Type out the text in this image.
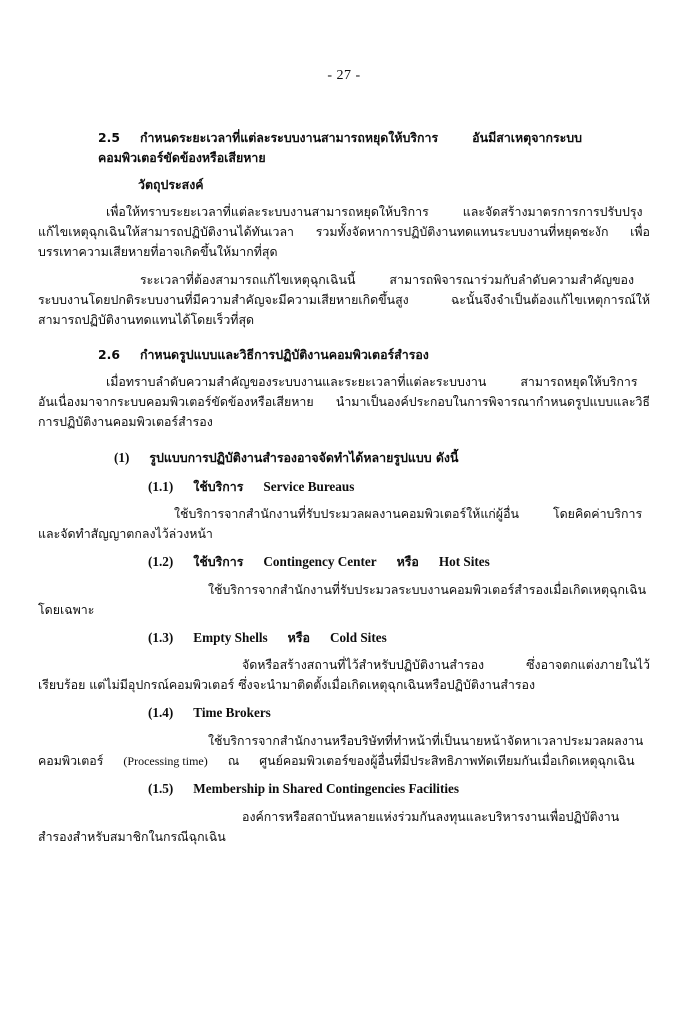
- 27 -

2.5 กำหนดระยะเวลาที่แต่ละระบบงานสามารถหยุดให้บริการ	อันมีสาเหตุจากระบบ

คอมพิวเตอร์ขัดข้องหรือเสียหาย

วัตถุประสงค์

เพื่อให้ทราบระยะเวลาที่แต่ละระบบงานสามารถหยุดให้บริการ	และจัดสร้างมาตรการการปรับปรุงแก้ไขเหตุฉุกเฉินให้สามารถปฏิบัติงานได้ทันเวลา รวมทั้งจัดหาการปฏิบัติงานทดแทนระบบงานที่หยุดชะงัก เพื่อบรรเทาความเสียหายที่อาจเกิดขึ้นให้มากที่สุด

ระะเวลาที่ต้องสามารถแก้ไขเหตุฉุกเฉินนี้	สามารถพิจารณาร่วมกับลำดับความสำคัญของระบบงานโดยปกติระบบงานที่มีความสำคัญจะมีความเสียหายเกิดขึ้นสูง ฉะนั้นจึงจำเป็นต้องแก้ไขเหตุการณ์ให้สามารถปฏิบัติงานทดแทนได้โดยเร็วที่สุด

2.6 กำหนดรูปแบบและวิธีการปฏิบัติงานคอมพิวเตอร์สำรอง

เมื่อทราบลำดับความสำคัญของระบบงานและระยะเวลาที่แต่ละระบบงาน	สามารถหยุดให้บริการ อันเนื่องมาจากระบบคอมพิวเตอร์ขัดข้องหรือเสียหาย นำมาเป็นองค์ประกอบในการพิจารณากำหนดรูปแบบและวิธีการปฏิบัติงานคอมพิวเตอร์สำรอง

(1) รูปแบบการปฏิบัติงานสำรองอาจจัดทำได้หลายรูปแบบ ดังนี้

(1.1) ใช้บริการ Service Bureaus

ใช้บริการจากสำนักงานที่รับประมวลผลงานคอมพิวเตอร์ให้แก่ผู้อื่น	โดยคิดค่าบริการและจัดทำสัญญาตกลงไว้ล่วงหน้า

(1.2) ใช้บริการ Contingency Center หรือ Hot Sites

ใช้บริการจากสำนักงานที่รับประมวลระบบงานคอมพิวเตอร์สำรองเมื่อเกิดเหตุฉุกเฉินโดยเฉพาะ

(1.3) Empty Shells หรือ Cold Sites

จัดหรือสร้างสถานที่ไว้สำหรับปฏิบัติงานสำรอง ซึ่งอาจตกแต่งภายในไว้เรียบร้อย แต่ไม่มีอุปกรณ์คอมพิวเตอร์ ซึ่งจะนำมาติดตั้งเมื่อเกิดเหตุฉุกเฉินหรือปฏิบัติงานสำรอง

(1.4) Time Brokers

ใช้บริการจากสำนักงานหรือบริษัทที่ทำหน้าที่เป็นนายหน้าจัดหาเวลาประมวลผลงานคอมพิวเตอร์ (Processing time) ณ ศูนย์คอมพิวเตอร์ของผู้อื่นที่มีประสิทธิภาพทัดเทียมกันเมื่อเกิดเหตุฉุกเฉิน

(1.5) Membership in Shared Contingencies Facilities

องค์การหรือสถาบันหลายแห่งร่วมกันลงทุนและบริหารงานเพื่อปฏิบัติงานสำรองสำหรับสมาชิกในกรณีฉุกเฉิน
